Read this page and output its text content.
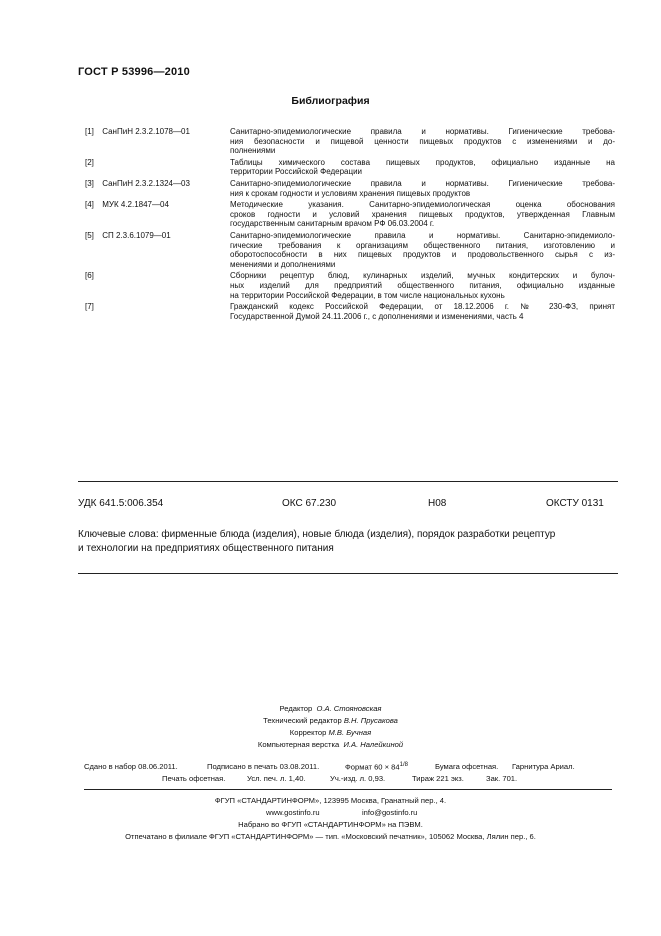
ГОСТ Р 53996—2010
Библиография
[1] СанПиН 2.3.2.1078—01	Санитарно-эпидемиологические правила и нормативы. Гигиенические требова-
ния безопасности и пищевой ценности пищевых продуктов с изменениями и до-
полнениями
[2]	Таблицы химического состава пищевых продуктов, официально изданные на
территории Российской Федерации
[3] СанПиН 2.3.2.1324—03	Санитарно-эпидемиологические правила и нормативы. Гигиенические требова-
ния к срокам годности и условиям хранения пищевых продуктов
[4] МУК 4.2.1847—04	Методические указания. Санитарно-эпидемиологическая оценка обоснования
сроков годности и условий хранения пищевых продуктов, утвержденная Главным
государственным санитарным врачом РФ 06.03.2004 г.
[5] СП 2.3.6.1079—01	Санитарно-эпидемиологические правила и нормативы. Санитарно-эпидемиоло-
гические требования к организациям общественного питания, изготовлению и
оборотоспособности в них пищевых продуктов и продовольственного сырья с из-
менениями и дополнениями
[6]	Сборники рецептур блюд, кулинарных изделий, мучных кондитерских и булоч-
ных изделий для предприятий общественного питания, официально изданные
на территории Российской Федерации, в том числе национальных кухонь
[7]	Гражданский кодекс Российской Федерации, от 18.12.2006 г. № 230-ФЗ, принят
Государственной Думой 24.11.2006 г., с дополнениями и изменениями, часть 4
УДК 641.5:006.354	ОКС 67.230	Н08	ОКСТУ 0131
Ключевые слова: фирменные блюда (изделия), новые блюда (изделия), порядок разработки рецептур
и технологии на предприятиях общественного питания
Редактор О.А. Стояновская
Технический редактор В.Н. Прусакова
Корректор М.В. Бучная
Компьютерная верстка И.А. Налейкиной
Сдано в набор 08.06.2011.	Подписано в печать 03.08.2011.	Формат $60 \times 84^{1/8}$	Бумага офсетная. Гарнитура Ариал.
Печать офсетная.	Усл. печ. л. 1,40.	Уч.-изд. л. 0,93.	Тираж 221 экз.	Зак. 701.
ФГУП «СТАНДАРТИНФОРМ», 123995 Москва, Гранатный пер., 4.
www.gostinfo.ru	info@gostinfo.ru
Набрано во ФГУП «СТАНДАРТИНФОРМ» на ПЭВМ.
Отпечатано в филиале ФГУП «СТАНДАРТИНФОРМ» — тип. «Московский печатник», 105062 Москва, Лялин пер., 6.
